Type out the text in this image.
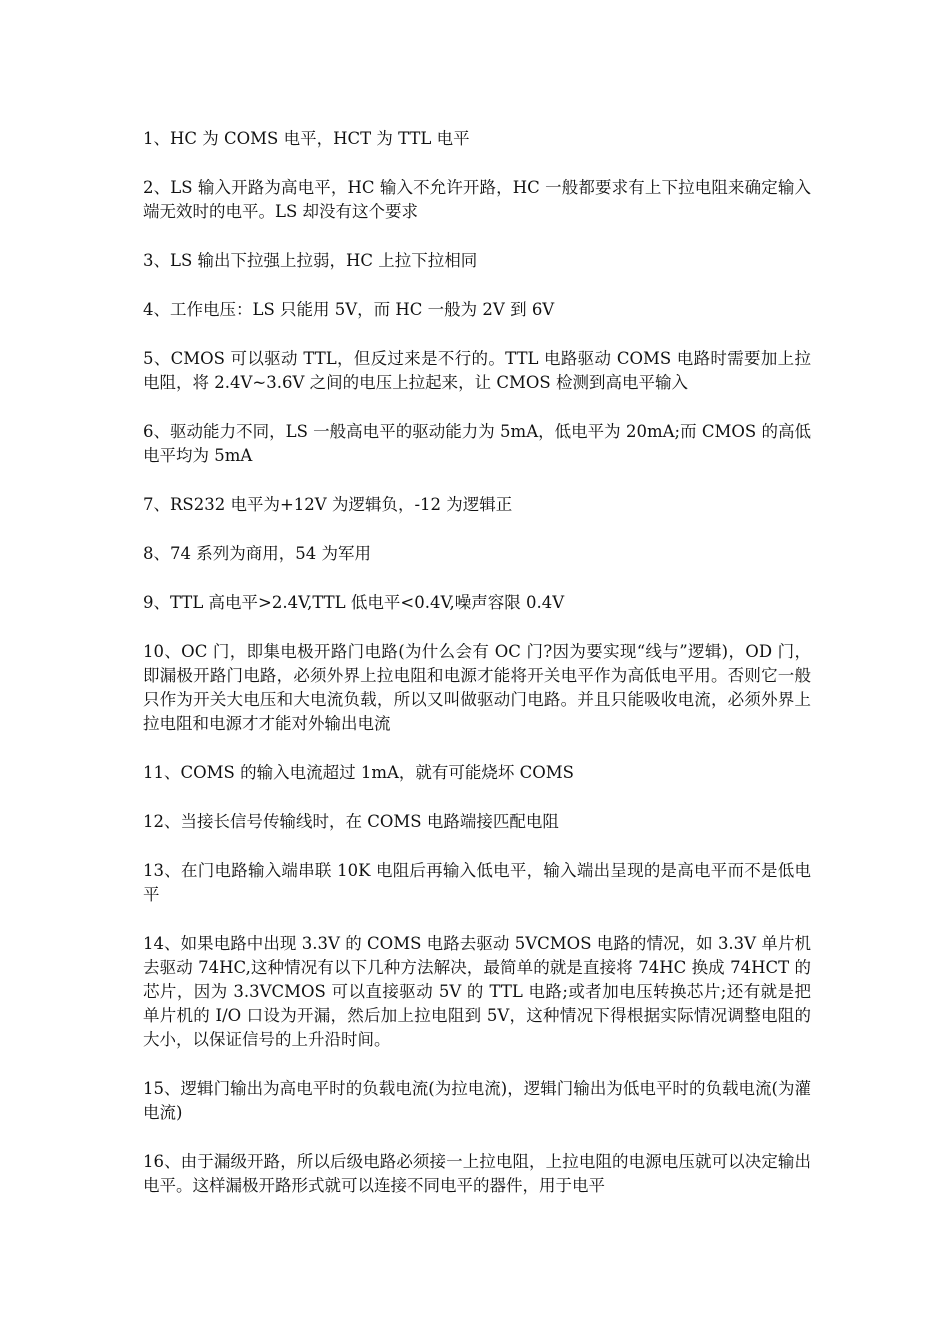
1、HC 为 COMS 电平，HCT 为 TTL 电平

2、LS 输入开路为高电平，HC 输入不允许开路，HC 一般都要求有上下拉电阻来确定输入端无效时的电平。LS 却没有这个要求

3、LS 输出下拉强上拉弱，HC 上拉下拉相同

4、工作电压：LS 只能用 5V，而 HC 一般为 2V 到 6V

5、CMOS 可以驱动 TTL，但反过来是不行的。TTL 电路驱动 COMS 电路时需要加上拉电阻，将 2.4V~3.6V 之间的电压上拉起来，让 CMOS 检测到高电平输入

6、驱动能力不同，LS 一般高电平的驱动能力为 5mA，低电平为 20mA;而 CMOS 的高低电平均为 5mA

7、RS232 电平为+12V 为逻辑负，-12 为逻辑正

8、74 系列为商用，54 为军用

9、TTL 高电平>2.4V,TTL 低电平<0.4V,噪声容限 0.4V

10、OC 门，即集电极开路门电路(为什么会有 OC 门?因为要实现“线与”逻辑)，OD 门，即漏极开路门电路，必须外界上拉电阻和电源才能将开关电平作为高低电平用。否则它一般只作为开关大电压和大电流负载，所以又叫做驱动门电路。并且只能吸收电流，必须外界上拉电阻和电源才才能对外输出电流

11、COMS 的输入电流超过 1mA，就有可能烧坏 COMS

12、当接长信号传输线时，在 COMS 电路端接匹配电阻

13、在门电路输入端串联 10K 电阻后再输入低电平，输入端出呈现的是高电平而不是低电平

14、如果电路中出现 3.3V 的 COMS 电路去驱动 5VCMOS 电路的情况，如 3.3V 单片机去驱动 74HC,这种情况有以下几种方法解决，最简单的就是直接将 74HC 换成 74HCT 的芯片，因为 3.3VCMOS 可以直接驱动 5V 的 TTL 电路;或者加电压转换芯片;还有就是把单片机的 I/O 口设为开漏，然后加上拉电阻到 5V，这种情况下得根据实际情况调整电阻的大小，以保证信号的上升沿时间。

15、逻辑门输出为高电平时的负载电流(为拉电流)，逻辑门输出为低电平时的负载电流(为灌电流)

16、由于漏级开路，所以后级电路必须接一上拉电阻，上拉电阻的电源电压就可以决定输出电平。这样漏极开路形式就可以连接不同电平的器件，用于电平
